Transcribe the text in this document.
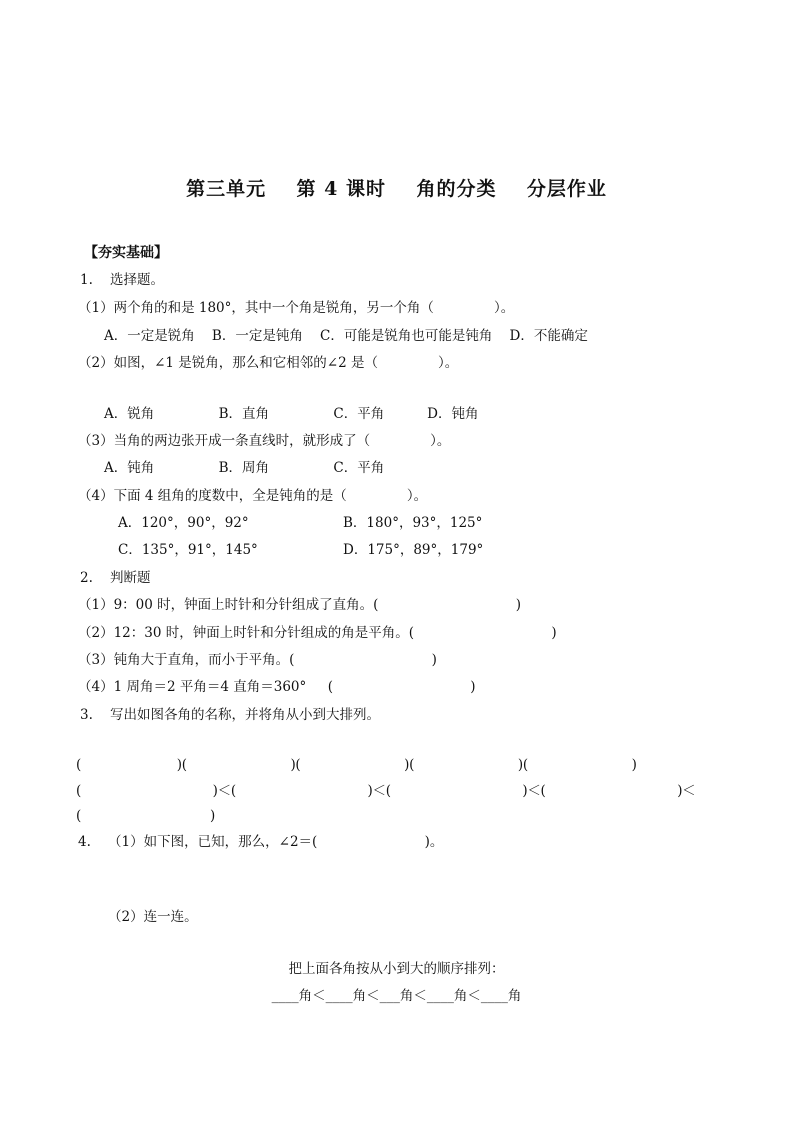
第三单元    第 4 课时    角的分类    分层作业
【夯实基础】
1.    选择题。
（1）两个角的和是 180°，其中一个角是锐角，另一个角（              ）。
A．一定是锐角    B．一定是钝角    C．可能是锐角也可能是钝角    D．不能确定
（2）如图，∠1 是锐角，那么和它相邻的∠2 是（              ）。
A．锐角               B．直角               C．平角          D．钝角
（3）当角的两边张开成一条直线时，就形成了（              ）。
A．钝角               B．周角               C．平角
（4）下面 4 组角的度数中，全是钝角的是（              ）。
A．120°，90°，92°	B．180°，93°，125°
C．135°，91°，145°	D．175°，89°，179°
2.    判断题
（1）9：00 时，钟面上时针和分针组成了直角。(                                )
（2）12：30 时，钟面上时针和分针组成的角是平角。(                                )
（3）钝角大于直角，而小于平角。(                                )
（4）1 周角＝2 平角＝4 直角＝360°     (                                )
3.    写出如图各角的名称，并将角从小到大排列。
(                        )(                          )(                          )(                          )(                          )
(                                 )＜(                                 )＜(                                 )＜(                                 )＜
(                              )
4.    （1）如下图，已知，那么，∠2＝(                         )。
（2）连一连。
把上面各角按从小到大的顺序排列：
____角＜____角＜___角＜____角＜____角
